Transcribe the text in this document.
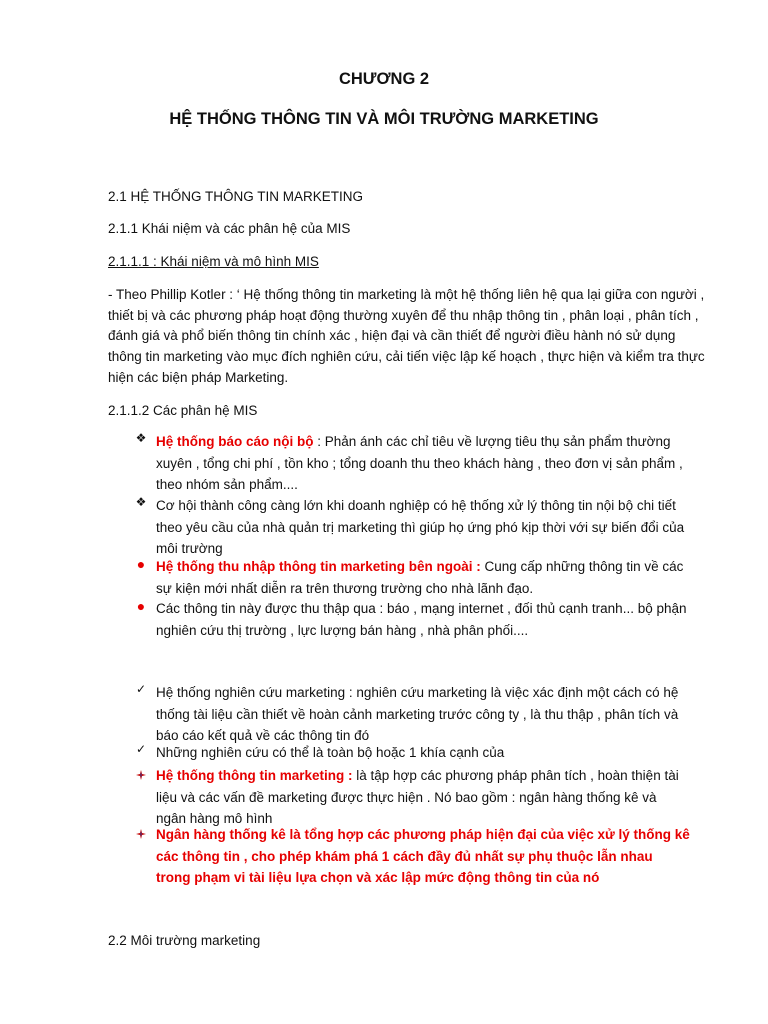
CHƯƠNG 2
HỆ THỐNG THÔNG TIN VÀ MÔI TRƯỜNG MARKETING
2.1 HỆ THỐNG THÔNG TIN MARKETING
2.1.1 Khái niệm và các phân hệ của MIS
2.1.1.1 : Khái niệm và mô hình MIS
- Theo Phillip Kotler : ‘ Hệ thống thông tin marketing là một hệ thống liên hệ qua lại giữa con người , thiết bị và các phương pháp hoạt động thường xuyên để thu nhập thông tin , phân loại , phân tích , đánh giá và phổ biến thông tin chính xác , hiện đại và cần thiết để người điều hành nó sử dụng thông tin marketing vào mục đích nghiên cứu, cải tiến việc lập kế hoạch , thực hiện và kiểm tra thực hiện các biện pháp Marketing.
2.1.1.2 Các phân hệ MIS
❖ Hệ thống báo cáo nội bộ : Phản ánh các chỉ tiêu về lượng tiêu thụ sản phẩm thường xuyên , tổng chi phí , tồn kho ; tổng doanh thu theo khách hàng , theo đơn vị sản phẩm , theo nhóm sản phẩm....
❖ Cơ hội thành công càng lớn khi doanh nghiệp có hệ thống xử lý thông tin nội bộ chi tiết theo yêu cầu của nhà quản trị marketing thì giúp họ ứng phó kịp thời với sự biến đổi của môi trường
● Hệ thống thu nhập thông tin marketing bên ngoài : Cung cấp những thông tin về các sự kiện mới nhất diễn ra trên thương trường cho nhà lãnh đạo.
● Các thông tin này được thu thập qua : báo , mạng internet , đối thủ cạnh tranh... bộ phận nghiên cứu thị trường , lực lượng bán hàng , nhà phân phối....
✓ Hệ thống nghiên cứu marketing : nghiên cứu marketing là việc xác định một cách có hệ thống tài liệu cần thiết về hoàn cảnh marketing trước công ty , là thu thập , phân tích và báo cáo kết quả về các thông tin đó
✓ Những nghiên cứu có thể là toàn bộ hoặc 1 khía cạnh của
Hệ thống thông tin marketing : là tập hợp các phương pháp phân tích , hoàn thiện tài liệu và các vấn đề marketing được thực hiện . Nó bao gồm : ngân hàng thống kê và ngân hàng mô hình
Ngân hàng thống kê là tổng hợp các phương pháp hiện đại của việc xử lý thống kê các thông tin , cho phép khám phá 1 cách đầy đủ nhất sự phụ thuộc lẫn nhau trong phạm vi tài liệu lựa chọn và xác lập mức động thông tin của nó
2.2 Môi trường marketing
